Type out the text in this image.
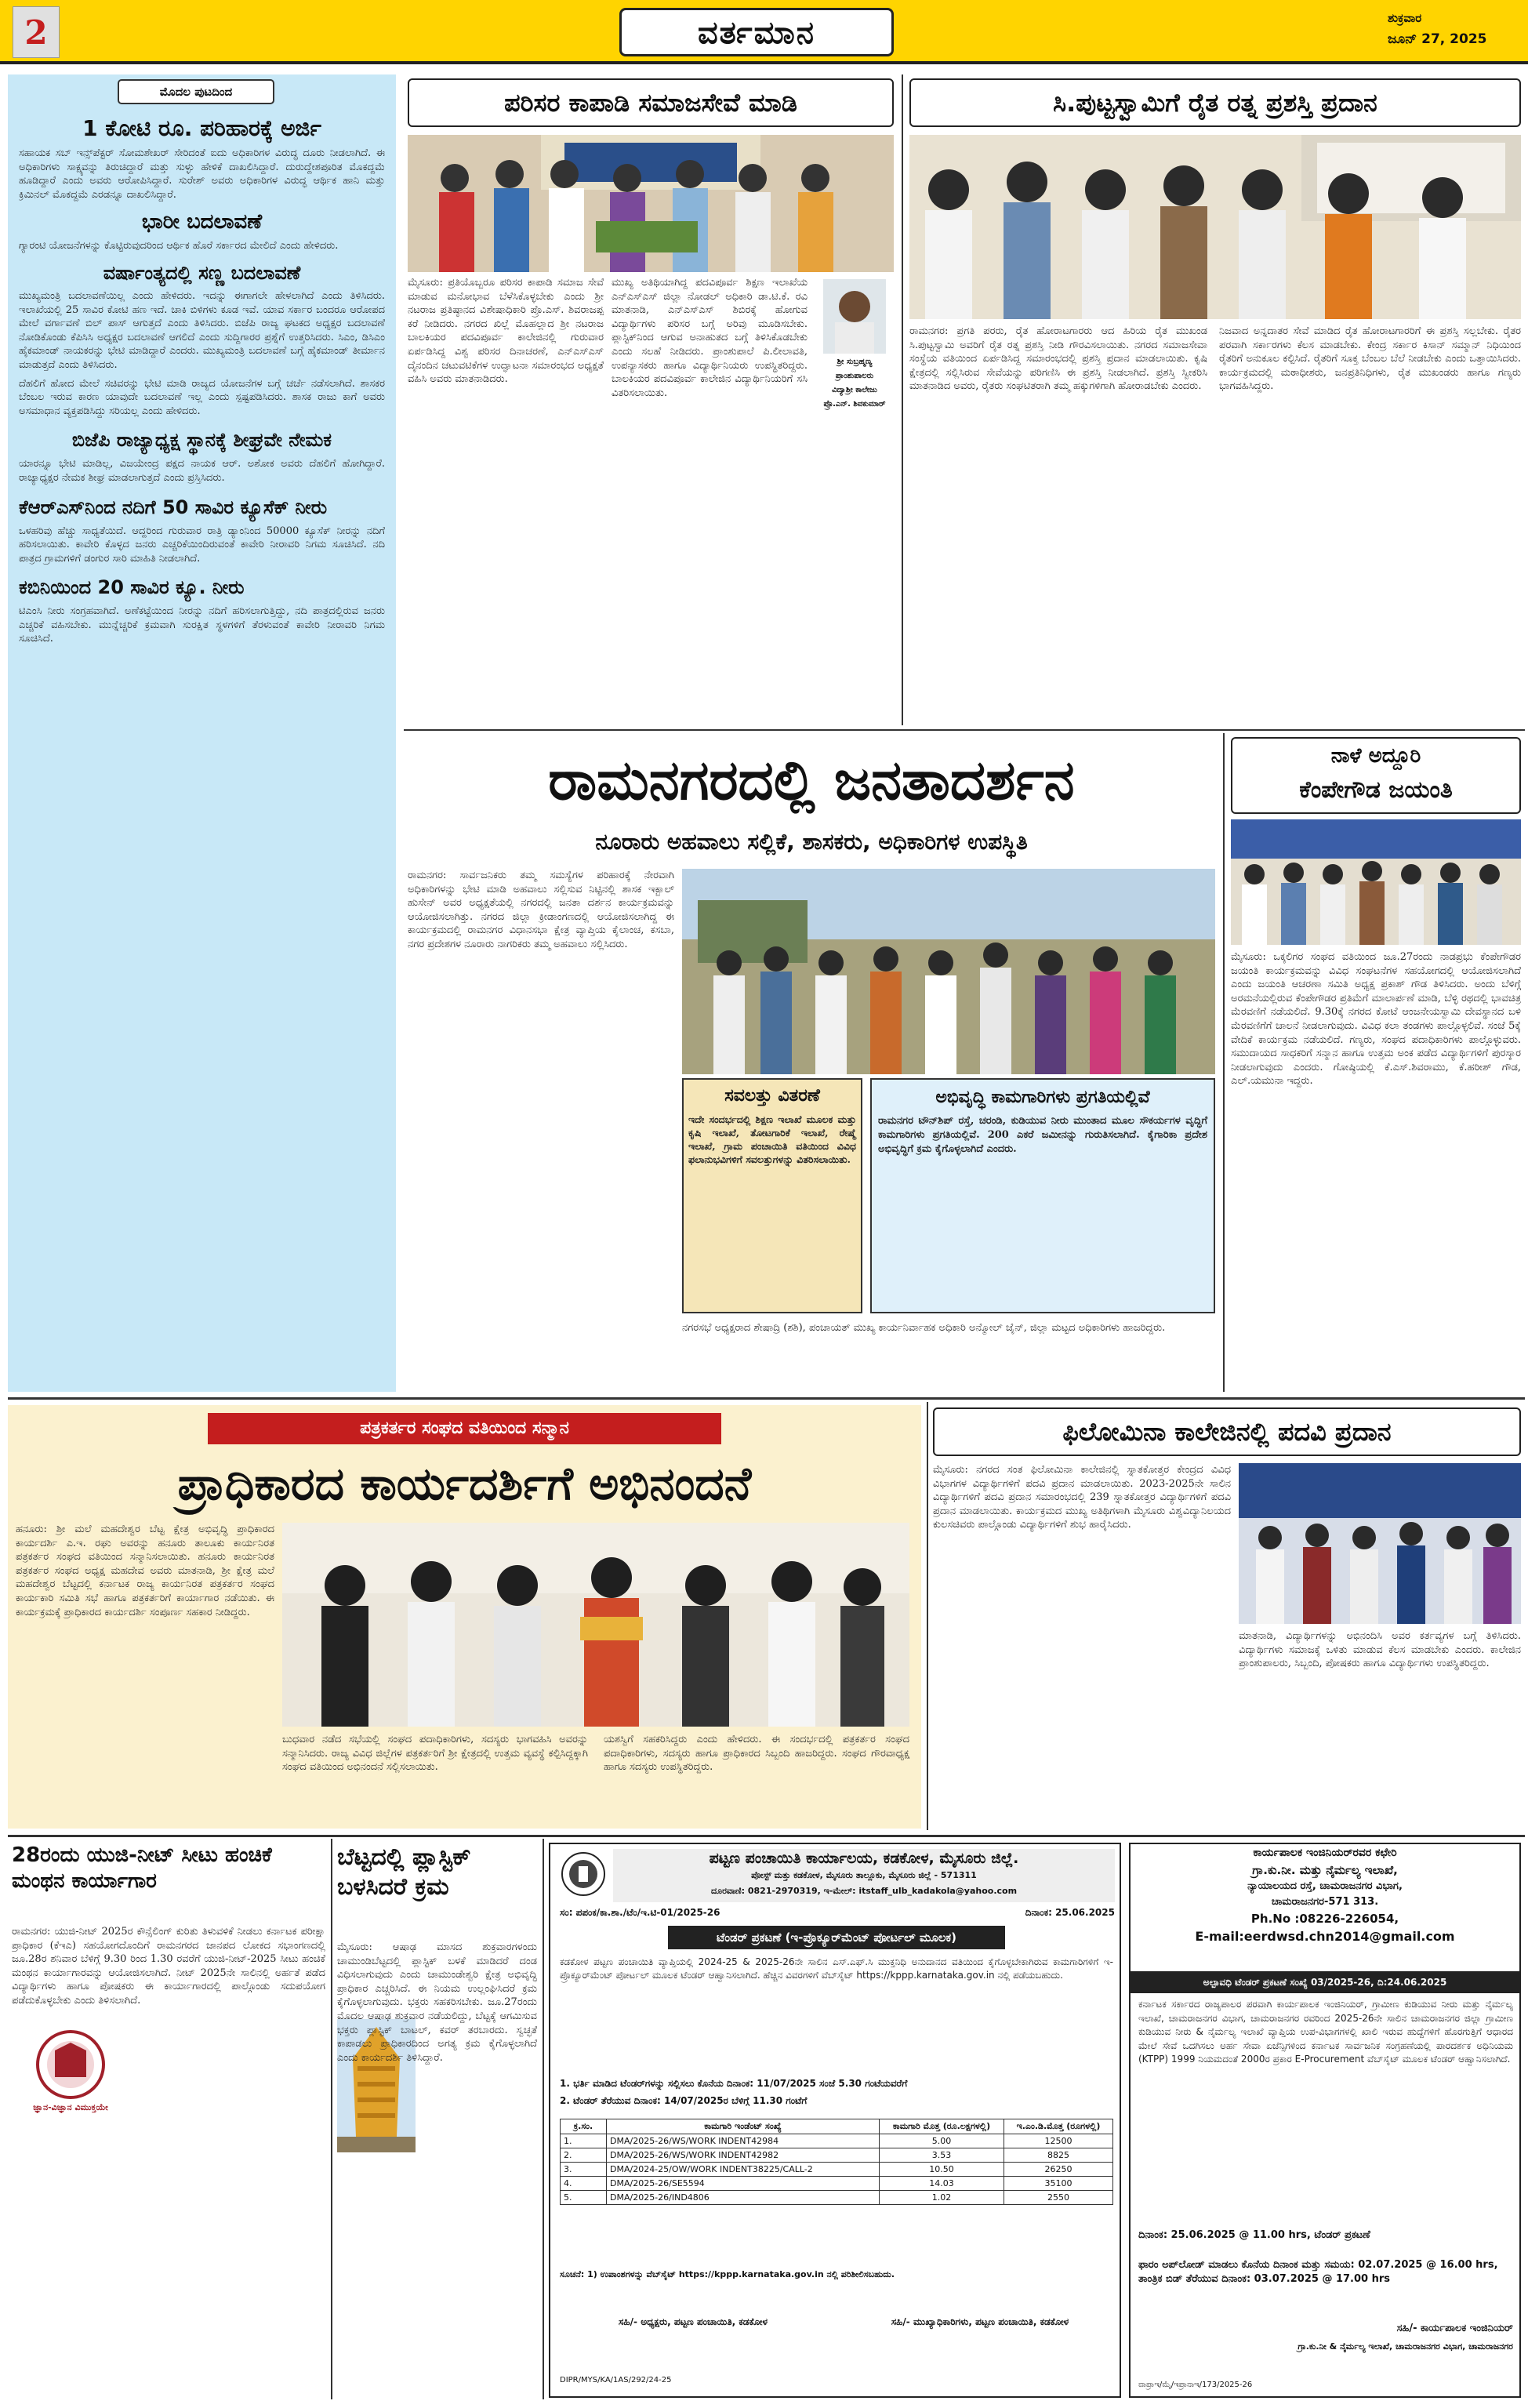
2	ವರ್ತಮಾನ	ಶುಕ್ರವಾರ
ಜೂನ್ 27, 2025
ಮೊದಲ ಪುಟದಿಂದ
1 ಕೋಟಿ ರೂ. ಪರಿಹಾರಕ್ಕೆ ಅರ್ಜಿ
ಸಹಾಯಕ ಸಬ್ ಇನ್ಸ್‌ಪೆಕ್ಟರ್ ಸೋಮಶೇಖರ್ ಸೇರಿದಂತೆ ಐದು ಅಧಿಕಾರಿಗಳ ವಿರುದ್ಧ ದೂರು ನೀಡಲಾಗಿದೆ. ಈ ಅಧಿಕಾರಿಗಳು ಸಾಕ್ಷ್ಯವನ್ನು ತಿರುಚಿದ್ದಾರೆ ಮತ್ತು ಸುಳ್ಳು ಹೇಳಿಕೆ ದಾಖಲಿಸಿದ್ದಾರೆ. ದುರುದ್ದೇಶಪೂರಿತ ಮೊಕದ್ದಮೆ ಹೂಡಿದ್ದಾರೆ ಎಂದು ಅವರು ಆರೋಪಿಸಿದ್ದಾರೆ. ಸುರೇಶ್ ಅವರು ಅಧಿಕಾರಿಗಳ ವಿರುದ್ಧ ಆರ್ಥಿಕ ಹಾನಿ ಮತ್ತು ಕ್ರಿಮಿನಲ್ ಮೊಕದ್ದಮೆ ಎರಡನ್ನೂ ದಾಖಲಿಸಿದ್ದಾರೆ.
ಭಾರೀ ಬದಲಾವಣೆ
ಗ್ಯಾರಂಟಿ ಯೋಜನೆಗಳನ್ನು ಕೊಟ್ಟಿರುವುದರಿಂದ ಆರ್ಥಿಕ ಹೊರೆ ಸರ್ಕಾರದ ಮೇಲಿದೆ ಎಂದು ಹೇಳಿದರು.
ವರ್ಷಾಂತ್ಯದಲ್ಲಿ ಸಣ್ಣ ಬದಲಾವಣೆ
ಮುಖ್ಯಮಂತ್ರಿ ಬದಲಾವಣೆಯಿಲ್ಲ ಎಂದು ಹೇಳಿದರು. ಇದನ್ನು ಈಗಾಗಲೇ ಹೇಳಲಾಗಿದೆ ಎಂದು ತಿಳಿಸಿದರು. ಇಲಾಖೆಯಲ್ಲಿ 25 ಸಾವಿರ ಕೋಟಿ ಹಣ ಇದೆ. ಚಾಕಿ ಬಿಳಿಗಳು ಕೂಡ ಇವೆ. ಯಾವ ಸರ್ಕಾರ ಬಂದರೂ ಆರೋಪದ ಮೇಲೆ ವರ್ಗಾವಣೆ ಬಿಲ್ ಪಾಸ್ ಆಗುತ್ತದೆ ಎಂದು ತಿಳಿಸಿದರು. ಬಿಜೆಪಿ ರಾಜ್ಯ ಘಟಕದ ಅಧ್ಯಕ್ಷರ ಬದಲಾವಣೆ ನೋಡಿಕೊಂಡು ಕೆಪಿಸಿಸಿ ಅಧ್ಯಕ್ಷರ ಬದಲಾವಣೆ ಆಗಲಿದೆ ಎಂದು ಸುದ್ದಿಗಾರರ ಪ್ರಶ್ನೆಗೆ ಉತ್ತರಿಸಿದರು. ಸಿಎಂ, ಡಿಸಿಎಂ ಹೈಕಮಾಂಡ್ ನಾಯಕರನ್ನು ಭೇಟಿ ಮಾಡಿದ್ದಾರೆ ಎಂದರು. ಮುಖ್ಯಮಂತ್ರಿ ಬದಲಾವಣೆ ಬಗ್ಗೆ ಹೈಕಮಾಂಡ್ ತೀರ್ಮಾನ ಮಾಡುತ್ತದೆ ಎಂದು ತಿಳಿಸಿದರು.
ದೆಹಲಿಗೆ ಹೋದ ಮೇಲೆ ಸಚಿವರನ್ನು ಭೇಟಿ ಮಾಡಿ ರಾಜ್ಯದ ಯೋಜನೆಗಳ ಬಗ್ಗೆ ಚರ್ಚೆ ನಡೆಸಲಾಗಿದೆ. ಶಾಸಕರ ಬೆಂಬಲ ಇರುವ ಕಾರಣ ಯಾವುದೇ ಬದಲಾವಣೆ ಇಲ್ಲ ಎಂದು ಸ್ಪಷ್ಟಪಡಿಸಿದರು. ಶಾಸಕ ರಾಜು ಕಾಗೆ ಅವರು ಅಸಮಾಧಾನ ವ್ಯಕ್ತಪಡಿಸಿದ್ದು ಸರಿಯಲ್ಲ ಎಂದು ಹೇಳಿದರು.
ಬಿಜೆಪಿ ರಾಜ್ಯಾಧ್ಯಕ್ಷ ಸ್ಥಾನಕ್ಕೆ ಶೀಘ್ರವೇ ನೇಮಕ
ಯಾರನ್ನೂ ಭೇಟಿ ಮಾಡಿಲ್ಲ, ವಿಜಯೇಂದ್ರ ಪಕ್ಷದ ನಾಯಕ ಆರ್. ಅಶೋಕ ಅವರು ದೆಹಲಿಗೆ ಹೋಗಿದ್ದಾರೆ. ರಾಜ್ಯಾಧ್ಯಕ್ಷರ ನೇಮಕ ಶೀಘ್ರ ಮಾಡಲಾಗುತ್ತದೆ ಎಂದು ಪ್ರಸ್ತಿಸಿದರು.
ಕೆಆರ್‌ಎಸ್‌ನಿಂದ ನದಿಗೆ 50 ಸಾವಿರ ಕ್ಯೂಸೆಕ್ ನೀರು
ಒಳಹರಿವು ಹೆಚ್ಚು ಸಾಧ್ಯತೆಯಿದೆ. ಆದ್ದರಿಂದ ಗುರುವಾರ ರಾತ್ರಿ ಡ್ಯಾಂನಿಂದ 50000 ಕ್ಯೂಸೆಕ್ ನೀರನ್ನು ನದಿಗೆ ಹರಿಸಲಾಯಿತು. ಕಾವೇರಿ ಕೊಳ್ಳದ ಜನರು ಎಚ್ಚರಿಕೆಯಿಂದಿರುವಂತೆ ಕಾವೇರಿ ನೀರಾವರಿ ನಿಗಮ ಸೂಚಿಸಿದೆ. ನದಿ ಪಾತ್ರದ ಗ್ರಾಮಗಳಿಗೆ ಡಂಗುರ ಸಾರಿ ಮಾಹಿತಿ ನೀಡಲಾಗಿದೆ.
ಕಬಿನಿಯಿಂದ 20 ಸಾವಿರ ಕ್ಯೂ. ನೀರು
ಟಿಎಂಸಿ ನೀರು ಸಂಗ್ರಹವಾಗಿದೆ. ಅಣೆಕಟ್ಟೆಯಿಂದ ನೀರನ್ನು ನದಿಗೆ ಹರಿಸಲಾಗುತ್ತಿದ್ದು, ನದಿ ಪಾತ್ರದಲ್ಲಿರುವ ಜನರು ಎಚ್ಚರಿಕೆ ವಹಿಸಬೇಕು. ಮುನ್ನೆಚ್ಚರಿಕೆ ಕ್ರಮವಾಗಿ ಸುರಕ್ಷಿತ ಸ್ಥಳಗಳಿಗೆ ತೆರಳುವಂತೆ ಕಾವೇರಿ ನೀರಾವರಿ ನಿಗಮ ಸೂಚಿಸಿದೆ.
ಪರಿಸರ ಕಾಪಾಡಿ ಸಮಾಜಸೇವೆ ಮಾಡಿ
ಶ್ರೀ ಸುಬ್ರಹ್ಮಣ್ಯ
ಪ್ರಾಂಶುಪಾಲರು
ವಿದ್ಯಾಶ್ರೀ ಕಾಲೇಜು
ಪ್ರೊ.ಎನ್. ಶಿವಕುಮಾರ್
ಮೈಸೂರು: ಪ್ರತಿಯೊಬ್ಬರೂ ಪರಿಸರ ಕಾಪಾಡಿ ಸಮಾಜ ಸೇವೆ ಮಾಡುವ ಮನೋಭಾವ ಬೆಳೆಸಿಕೊಳ್ಳಬೇಕು ಎಂದು ಶ್ರೀ ನಟರಾಜ ಪ್ರತಿಷ್ಠಾನದ ವಿಶೇಷಾಧಿಕಾರಿ ಪ್ರೊ.ಎಸ್. ಶಿವರಾಜಪ್ಪ ಕರೆ ನೀಡಿದರು. ನಗರದ ಖಿಲ್ಲೆ ಮೊಹಲ್ಲಾದ ಶ್ರೀ ನಟರಾಜ ಬಾಲಕಿಯರ ಪದವಿಪೂರ್ವ ಕಾಲೇಜಿನಲ್ಲಿ ಗುರುವಾರ ಏರ್ಪಡಿಸಿದ್ದ ವಿಶ್ವ ಪರಿಸರ ದಿನಾಚರಣೆ, ಎನ್‌ಎಸ್‌ಎಸ್ ದೈನಂದಿನ ಚಟುವಟಿಕೆಗಳ ಉದ್ಘಾಟನಾ ಸಮಾರಂಭದ ಅಧ್ಯಕ್ಷತೆ ವಹಿಸಿ ಅವರು ಮಾತನಾಡಿದರು.
ಮುಖ್ಯ ಅತಿಥಿಯಾಗಿದ್ದ ಪದವಿಪೂರ್ವ ಶಿಕ್ಷಣ ಇಲಾಖೆಯ ಎನ್‌ಎಸ್‌ಎಸ್ ಜಿಲ್ಲಾ ನೋಡಲ್ ಅಧಿಕಾರಿ ಡಾ.ಟಿ.ಕೆ. ರವಿ ಮಾತನಾಡಿ, ಎನ್‌ಎಸ್‌ಎಸ್ ಶಿಬಿರಕ್ಕೆ ಹೋಗುವ ವಿದ್ಯಾರ್ಥಿಗಳು ಪರಿಸರ ಬಗ್ಗೆ ಅರಿವು ಮೂಡಿಸಬೇಕು. ಪ್ಲಾಸ್ಟಿಕ್‌ನಿಂದ ಆಗುವ ಅನಾಹುತದ ಬಗ್ಗೆ ತಿಳಿಸಿಕೊಡಬೇಕು ಎಂದು ಸಲಹೆ ನೀಡಿದರು. ಪ್ರಾಂಶುಪಾಲೆ ಪಿ.ಲೀಲಾವತಿ, ಉಪನ್ಯಾಸಕರು ಹಾಗೂ ವಿದ್ಯಾರ್ಥಿನಿಯರು ಉಪಸ್ಥಿತರಿದ್ದರು. ಬಾಲಕಿಯರ ಪದವಿಪೂರ್ವ ಕಾಲೇಜಿನ ವಿದ್ಯಾರ್ಥಿನಿಯರಿಗೆ ಸಸಿ ವಿತರಿಸಲಾಯಿತು.
ಸಿ.ಪುಟ್ಟಸ್ವಾಮಿಗೆ ರೈತ ರತ್ನ ಪ್ರಶಸ್ತಿ ಪ್ರದಾನ
ರಾಮನಗರ: ಪ್ರಗತಿ ಪರರು, ರೈತ ಹೋರಾಟಗಾರರು ಆದ ಹಿರಿಯ ರೈತ ಮುಖಂಡ ಸಿ.ಪುಟ್ಟಸ್ವಾಮಿ ಅವರಿಗೆ ರೈತ ರತ್ನ ಪ್ರಶಸ್ತಿ ನೀಡಿ ಗೌರವಿಸಲಾಯಿತು. ನಗರದ ಸಮಾಜಸೇವಾ ಸಂಸ್ಥೆಯ ವತಿಯಿಂದ ಏರ್ಪಡಿಸಿದ್ದ ಸಮಾರಂಭದಲ್ಲಿ ಪ್ರಶಸ್ತಿ ಪ್ರದಾನ ಮಾಡಲಾಯಿತು. ಕೃಷಿ ಕ್ಷೇತ್ರದಲ್ಲಿ ಸಲ್ಲಿಸಿರುವ ಸೇವೆಯನ್ನು ಪರಿಗಣಿಸಿ ಈ ಪ್ರಶಸ್ತಿ ನೀಡಲಾಗಿದೆ. ಪ್ರಶಸ್ತಿ ಸ್ವೀಕರಿಸಿ ಮಾತನಾಡಿದ ಅವರು, ರೈತರು ಸಂಘಟಿತರಾಗಿ ತಮ್ಮ ಹಕ್ಕುಗಳಿಗಾಗಿ ಹೋರಾಡಬೇಕು ಎಂದರು.
ನಿಜವಾದ ಅನ್ನದಾತರ ಸೇವೆ ಮಾಡಿದ ರೈತ ಹೋರಾಟಗಾರರಿಗೆ ಈ ಪ್ರಶಸ್ತಿ ಸಲ್ಲಬೇಕು. ರೈತರ ಪರವಾಗಿ ಸರ್ಕಾರಗಳು ಕೆಲಸ ಮಾಡಬೇಕು. ಕೇಂದ್ರ ಸರ್ಕಾರ ಕಿಸಾನ್ ಸಮ್ಮಾನ್ ನಿಧಿಯಿಂದ ರೈತರಿಗೆ ಅನುಕೂಲ ಕಲ್ಪಿಸಿದೆ. ರೈತರಿಗೆ ಸೂಕ್ತ ಬೆಂಬಲ ಬೆಲೆ ನೀಡಬೇಕು ಎಂದು ಒತ್ತಾಯಿಸಿದರು. ಕಾರ್ಯಕ್ರಮದಲ್ಲಿ ಮಠಾಧೀಶರು, ಜನಪ್ರತಿನಿಧಿಗಳು, ರೈತ ಮುಖಂಡರು ಹಾಗೂ ಗಣ್ಯರು ಭಾಗವಹಿಸಿದ್ದರು.
ರಾಮನಗರದಲ್ಲಿ ಜನತಾದರ್ಶನ
ನೂರಾರು ಅಹವಾಲು ಸಲ್ಲಿಕೆ, ಶಾಸಕರು, ಅಧಿಕಾರಿಗಳ ಉಪಸ್ಥಿತಿ
ರಾಮನಗರ: ಸಾರ್ವಜನಿಕರು ತಮ್ಮ ಸಮಸ್ಯೆಗಳ ಪರಿಹಾರಕ್ಕೆ ನೇರವಾಗಿ ಅಧಿಕಾರಿಗಳನ್ನು ಭೇಟಿ ಮಾಡಿ ಅಹವಾಲು ಸಲ್ಲಿಸುವ ನಿಟ್ಟಿನಲ್ಲಿ ಶಾಸಕ ಇಕ್ಬಾಲ್ ಹುಸೇನ್ ಅವರ ಅಧ್ಯಕ್ಷತೆಯಲ್ಲಿ ನಗರದಲ್ಲಿ ಜನತಾ ದರ್ಶನ ಕಾರ್ಯಕ್ರಮವನ್ನು ಆಯೋಜಿಸಲಾಗಿತ್ತು. ನಗರದ ಜಿಲ್ಲಾ ಕ್ರೀಡಾಂಗಣದಲ್ಲಿ ಆಯೋಜಿಸಲಾಗಿದ್ದ ಈ ಕಾರ್ಯಕ್ರಮದಲ್ಲಿ ರಾಮನಗರ ವಿಧಾನಸಭಾ ಕ್ಷೇತ್ರ ವ್ಯಾಪ್ತಿಯ ಕೈಲಾಂಚ, ಕಸಬಾ, ನಗರ ಪ್ರದೇಶಗಳ ನೂರಾರು ನಾಗರಿಕರು ತಮ್ಮ ಅಹವಾಲು ಸಲ್ಲಿಸಿದರು.
ಸವಲತ್ತು ವಿತರಣೆ
ಇದೇ ಸಂದರ್ಭದಲ್ಲಿ ಶಿಕ್ಷಣ ಇಲಾಖೆ ಮೂಲಕ ಮತ್ತು ಕೃಷಿ ಇಲಾಖೆ, ತೋಟಗಾರಿಕೆ ಇಲಾಖೆ, ರೇಷ್ಮೆ ಇಲಾಖೆ, ಗ್ರಾಮ ಪಂಚಾಯಿತಿ ವತಿಯಿಂದ ವಿವಿಧ ಫಲಾನುಭವಿಗಳಿಗೆ ಸವಲತ್ತುಗಳನ್ನು ವಿತರಿಸಲಾಯಿತು.
ಅಭಿವೃದ್ಧಿ ಕಾಮಗಾರಿಗಳು ಪ್ರಗತಿಯಲ್ಲಿವೆ
ರಾಮನಗರ ಟೌನ್‌ಶಿಪ್ ರಸ್ತೆ, ಚರಂಡಿ, ಕುಡಿಯುವ ನೀರು ಮುಂತಾದ ಮೂಲ ಸೌಕರ್ಯಗಳ ವೃದ್ಧಿಗೆ ಕಾಮಗಾರಿಗಳು ಪ್ರಗತಿಯಲ್ಲಿವೆ. 200 ಎಕರೆ ಜಮೀನನ್ನು ಗುರುತಿಸಲಾಗಿದೆ. ಕೈಗಾರಿಕಾ ಪ್ರದೇಶ ಅಭಿವೃದ್ಧಿಗೆ ಕ್ರಮ ಕೈಗೊಳ್ಳಲಾಗಿದೆ ಎಂದರು.
ನಗರಸಭೆ ಅಧ್ಯಕ್ಷರಾದ ಶೇಷಾದ್ರಿ (ಶಶಿ), ಪಂಚಾಯತ್ ಮುಖ್ಯ ಕಾರ್ಯನಿರ್ವಾಹಕ ಅಧಿಕಾರಿ ಅನ್ಮೋಲ್ ಜೈನ್, ಜಿಲ್ಲಾ ಮಟ್ಟದ ಅಧಿಕಾರಿಗಳು ಹಾಜರಿದ್ದರು.
ನಾಳೆ ಅದ್ದೂರಿ
ಕೆಂಪೇಗೌಡ ಜಯಂತಿ
ಮೈಸೂರು: ಒಕ್ಕಲಿಗರ ಸಂಘದ ವತಿಯಿಂದ ಜೂ.27ರಂದು ನಾಡಪ್ರಭು ಕೆಂಪೇಗೌಡರ ಜಯಂತಿ ಕಾರ್ಯಕ್ರಮವನ್ನು ವಿವಿಧ ಸಂಘಟನೆಗಳ ಸಹಯೋಗದಲ್ಲಿ ಆಯೋಜಿಸಲಾಗಿದೆ ಎಂದು ಜಯಂತಿ ಆಚರಣಾ ಸಮಿತಿ ಅಧ್ಯಕ್ಷ ಪ್ರಕಾಶ್ ಗೌಡ ತಿಳಿಸಿದರು. ಅಂದು ಬೆಳಿಗ್ಗೆ ಅರಮನೆಯಲ್ಲಿರುವ ಕೆಂಪೇಗೌಡರ ಪ್ರತಿಮೆಗೆ ಮಾಲಾರ್ಪಣೆ ಮಾಡಿ, ಬೆಳ್ಳಿ ರಥದಲ್ಲಿ ಭಾವಚಿತ್ರ ಮೆರವಣಿಗೆ ನಡೆಯಲಿದೆ. 9.30ಕ್ಕೆ ನಗರದ ಕೋಟೆ ಆಂಜನೇಯಸ್ವಾಮಿ ದೇವಸ್ಥಾನದ ಬಳಿ ಮೆರವಣಿಗೆಗೆ ಚಾಲನೆ ನೀಡಲಾಗುವುದು. ವಿವಿಧ ಕಲಾ ತಂಡಗಳು ಪಾಲ್ಗೊಳ್ಳಲಿವೆ. ಸಂಜೆ 5ಕ್ಕೆ ವೇದಿಕೆ ಕಾರ್ಯಕ್ರಮ ನಡೆಯಲಿದೆ. ಗಣ್ಯರು, ಸಂಘದ ಪದಾಧಿಕಾರಿಗಳು ಪಾಲ್ಗೊಳ್ಳುವರು. ಸಮುದಾಯದ ಸಾಧಕರಿಗೆ ಸನ್ಮಾನ ಹಾಗೂ ಉತ್ತಮ ಅಂಕ ಪಡೆದ ವಿದ್ಯಾರ್ಥಿಗಳಿಗೆ ಪುರಸ್ಕಾರ ನೀಡಲಾಗುವುದು ಎಂದರು. ಗೋಷ್ಠಿಯಲ್ಲಿ ಕೆ.ಎಸ್.ಶಿವರಾಮು, ಕೆ.ಹರೀಶ್ ಗೌಡ, ಎಲ್.ಯಮುನಾ ಇದ್ದರು.
ಪತ್ರಕರ್ತರ ಸಂಘದ ವತಿಯಿಂದ ಸನ್ಮಾನ
ಪ್ರಾಧಿಕಾರದ ಕಾರ್ಯದರ್ಶಿಗೆ ಅಭಿನಂದನೆ
ಹನೂರು: ಶ್ರೀ ಮಲೆ ಮಹದೇಶ್ವರ ಬೆಟ್ಟ ಕ್ಷೇತ್ರ ಅಭಿವೃದ್ಧಿ ಪ್ರಾಧಿಕಾರದ ಕಾರ್ಯದರ್ಶಿ ಎ.ಇ. ರಘು ಅವರನ್ನು ಹನೂರು ತಾಲೂಕು ಕಾರ್ಯನಿರತ ಪತ್ರಕರ್ತರ ಸಂಘದ ವತಿಯಿಂದ ಸನ್ಮಾನಿಸಲಾಯಿತು. ಹನೂರು ಕಾರ್ಯನಿರತ ಪತ್ರಕರ್ತರ ಸಂಘದ ಅಧ್ಯಕ್ಷ ಮಹದೇವ ಅವರು ಮಾತನಾಡಿ, ಶ್ರೀ ಕ್ಷೇತ್ರ ಮಲೆ ಮಹದೇಶ್ವರ ಬೆಟ್ಟದಲ್ಲಿ ಕರ್ನಾಟಕ ರಾಜ್ಯ ಕಾರ್ಯನಿರತ ಪತ್ರಕರ್ತರ ಸಂಘದ ಕಾರ್ಯಕಾರಿ ಸಮಿತಿ ಸಭೆ ಹಾಗೂ ಪತ್ರಕರ್ತರಿಗೆ ಕಾರ್ಯಾಗಾರ ನಡೆಯಿತು. ಈ ಕಾರ್ಯಕ್ರಮಕ್ಕೆ ಪ್ರಾಧಿಕಾರದ ಕಾರ್ಯದರ್ಶಿ ಸಂಪೂರ್ಣ ಸಹಕಾರ ನೀಡಿದ್ದರು.
ಬುಧವಾರ ನಡೆದ ಸಭೆಯಲ್ಲಿ ಸಂಘದ ಪದಾಧಿಕಾರಿಗಳು, ಸದಸ್ಯರು ಭಾಗವಹಿಸಿ ಅವರನ್ನು ಸನ್ಮಾನಿಸಿದರು. ರಾಜ್ಯ ವಿವಿಧ ಜಿಲ್ಲೆಗಳ ಪತ್ರಕರ್ತರಿಗೆ ಶ್ರೀ ಕ್ಷೇತ್ರದಲ್ಲಿ ಉತ್ತಮ ವ್ಯವಸ್ಥೆ ಕಲ್ಪಿಸಿದ್ದಕ್ಕಾಗಿ ಸಂಘದ ವತಿಯಿಂದ ಅಭಿನಂದನೆ ಸಲ್ಲಿಸಲಾಯಿತು.
ಯಶಸ್ವಿಗೆ ಸಹಕರಿಸಿದ್ದರು ಎಂದು ಹೇಳಿದರು. ಈ ಸಂದರ್ಭದಲ್ಲಿ ಪತ್ರಕರ್ತರ ಸಂಘದ ಪದಾಧಿಕಾರಿಗಳು, ಸದಸ್ಯರು ಹಾಗೂ ಪ್ರಾಧಿಕಾರದ ಸಿಬ್ಬಂದಿ ಹಾಜರಿದ್ದರು. ಸಂಘದ ಗೌರವಾಧ್ಯಕ್ಷ ಹಾಗೂ ಸದಸ್ಯರು ಉಪಸ್ಥಿತರಿದ್ದರು.
ಫಿಲೋಮಿನಾ ಕಾಲೇಜಿನಲ್ಲಿ ಪದವಿ ಪ್ರದಾನ
ಮೈಸೂರು: ನಗರದ ಸಂತ ಫಿಲೋಮಿನಾ ಕಾಲೇಜಿನಲ್ಲಿ ಸ್ನಾತಕೋತ್ತರ ಕೇಂದ್ರದ ವಿವಿಧ ವಿಭಾಗಗಳ ವಿದ್ಯಾರ್ಥಿಗಳಿಗೆ ಪದವಿ ಪ್ರದಾನ ಮಾಡಲಾಯಿತು. 2023-2025ನೇ ಸಾಲಿನ ವಿದ್ಯಾರ್ಥಿಗಳಿಗೆ ಪದವಿ ಪ್ರದಾನ ಸಮಾರಂಭದಲ್ಲಿ 239 ಸ್ನಾತಕೋತ್ತರ ವಿದ್ಯಾರ್ಥಿಗಳಿಗೆ ಪದವಿ ಪ್ರದಾನ ಮಾಡಲಾಯಿತು. ಕಾರ್ಯಕ್ರಮದ ಮುಖ್ಯ ಅತಿಥಿಗಳಾಗಿ ಮೈಸೂರು ವಿಶ್ವವಿದ್ಯಾನಿಲಯದ ಕುಲಸಚಿವರು ಪಾಲ್ಗೊಂಡು ವಿದ್ಯಾರ್ಥಿಗಳಿಗೆ ಶುಭ ಹಾರೈಸಿದರು.
ಮಾತನಾಡಿ, ವಿದ್ಯಾರ್ಥಿಗಳನ್ನು ಅಭಿನಂದಿಸಿ ಅವರ ಕರ್ತವ್ಯಗಳ ಬಗ್ಗೆ ತಿಳಿಸಿದರು. ವಿದ್ಯಾರ್ಥಿಗಳು ಸಮಾಜಕ್ಕೆ ಒಳಿತು ಮಾಡುವ ಕೆಲಸ ಮಾಡಬೇಕು ಎಂದರು. ಕಾಲೇಜಿನ ಪ್ರಾಂಶುಪಾಲರು, ಸಿಬ್ಬಂದಿ, ಪೋಷಕರು ಹಾಗೂ ವಿದ್ಯಾರ್ಥಿಗಳು ಉಪಸ್ಥಿತರಿದ್ದರು.
28ರಂದು ಯುಜಿ-ನೀಟ್ ಸೀಟು ಹಂಚಿಕೆ ಮಂಥನ ಕಾರ್ಯಾಗಾರ
ಜ್ಞಾನ-ವಿಜ್ಞಾನ ವಿಮುಕ್ತಯೇ
ರಾಮನಗರ: ಯುಜಿ-ನೀಟ್ 2025ರ ಕೌನ್ಸೆಲಿಂಗ್ ಕುರಿತು ತಿಳುವಳಿಕೆ ನೀಡಲು ಕರ್ನಾಟಕ ಪರೀಕ್ಷಾ ಪ್ರಾಧಿಕಾರ (ಕೆಇಎ) ಸಹಯೋಗದೊಂದಿಗೆ ರಾಮನಗರದ ಜಾನಪದ ಲೋಕದ ಸಭಾಂಗಣದಲ್ಲಿ ಜೂ.28ರ ಶನಿವಾರ ಬೆಳಿಗ್ಗೆ 9.30 ರಿಂದ 1.30 ರವರೆಗೆ ಯುಜಿ-ನೀಟ್-2025 ಸೀಟು ಹಂಚಿಕೆ ಮಂಥನ ಕಾರ್ಯಾಗಾರವನ್ನು ಆಯೋಜಿಸಲಾಗಿದೆ. ನೀಟ್ 2025ನೇ ಸಾಲಿನಲ್ಲಿ ಅರ್ಹತೆ ಪಡೆದ ವಿದ್ಯಾರ್ಥಿಗಳು ಹಾಗೂ ಪೋಷಕರು ಈ ಕಾರ್ಯಾಗಾರದಲ್ಲಿ ಪಾಲ್ಗೊಂಡು ಸದುಪಯೋಗ ಪಡೆದುಕೊಳ್ಳಬೇಕು ಎಂದು ತಿಳಿಸಲಾಗಿದೆ.
ಬೆಟ್ಟದಲ್ಲಿ ಪ್ಲಾಸ್ಟಿಕ್ ಬಳಸಿದರೆ ಕ್ರಮ
ಮೈಸೂರು: ಆಷಾಢ ಮಾಸದ ಶುಕ್ರವಾರಗಳಂದು ಚಾಮುಂಡಿಬೆಟ್ಟದಲ್ಲಿ ಪ್ಲಾಸ್ಟಿಕ್ ಬಳಕೆ ಮಾಡಿದರೆ ದಂಡ ವಿಧಿಸಲಾಗುವುದು ಎಂದು ಚಾಮುಂಡೇಶ್ವರಿ ಕ್ಷೇತ್ರ ಅಭಿವೃದ್ಧಿ ಪ್ರಾಧಿಕಾರ ಎಚ್ಚರಿಸಿದೆ. ಈ ನಿಯಮ ಉಲ್ಲಂಘಿಸಿದರೆ ಕ್ರಮ ಕೈಗೊಳ್ಳಲಾಗುವುದು. ಭಕ್ತರು ಸಹಕರಿಸಬೇಕು. ಜೂ.27ರಂದು ಮೊದಲ ಆಷಾಢ ಶುಕ್ರವಾರ ನಡೆಯಲಿದ್ದು, ಬೆಟ್ಟಕ್ಕೆ ಆಗಮಿಸುವ ಭಕ್ತರು ಪ್ಲಾಸ್ಟಿಕ್ ಬಾಟಲ್, ಕವರ್ ತರಬಾರದು. ಸ್ವಚ್ಛತೆ ಕಾಪಾಡಲು ಪ್ರಾಧಿಕಾರದಿಂದ ಅಗತ್ಯ ಕ್ರಮ ಕೈಗೊಳ್ಳಲಾಗಿದೆ ಎಂದು ಕಾರ್ಯದರ್ಶಿ ತಿಳಿಸಿದ್ದಾರೆ.
ಪಟ್ಟಣ ಪಂಚಾಯಿತಿ ಕಾರ್ಯಾಲಯ, ಕಡಕೋಳ, ಮೈಸೂರು ಜಿಲ್ಲೆ.
ಪೋಸ್ಟ್ ಮತ್ತು ಕಡಕೋಳ, ಮೈಸೂರು ತಾಲ್ಲೂಕು, ಮೈಸೂರು ಜಿಲ್ಲೆ - 571311
ದೂರವಾಣಿ: 0821-2970319, ಇ-ಮೇಲ್: itstaff_ulb_kadakola@yahoo.com
ಸಂ: ಪಪಂಕ/ಕಾ.ಶಾ./ಟೆಂ/ಇ.ಟಿ-01/2025-26	ದಿನಾಂಕ: 25.06.2025
ಟೆಂಡರ್ ಪ್ರಕಟಣೆ (ಇ-ಪ್ರೊಕ್ಯೂರ್‌ಮೆಂಟ್ ಪೋರ್ಟಲ್ ಮೂಲಕ)
ಕಡಕೋಳ ಪಟ್ಟಣ ಪಂಚಾಯಿತಿ ವ್ಯಾಪ್ತಿಯಲ್ಲಿ 2024-25 & 2025-26ನೇ ಸಾಲಿನ ಎಸ್.ಎಫ್.ಸಿ ಮುಕ್ತನಿಧಿ ಅನುದಾನದ ವತಿಯಿಂದ ಕೈಗೊಳ್ಳಬೇಕಾಗಿರುವ ಕಾಮಗಾರಿಗಳಿಗೆ ಇ-ಪ್ರೊಕ್ಯೂರ್‌ಮೆಂಟ್ ಪೋರ್ಟಲ್ ಮೂಲಕ ಟೆಂಡರ್ ಆಹ್ವಾನಿಸಲಾಗಿದೆ. ಹೆಚ್ಚಿನ ವಿವರಗಳಿಗೆ ವೆಬ್‌ಸೈಟ್ https://kppp.karnataka.gov.in ನಲ್ಲಿ ಪಡೆಯಬಹುದು.
1. ಭರ್ತಿ ಮಾಡಿದ ಟೆಂಡರ್‌ಗಳನ್ನು ಸಲ್ಲಿಸಲು ಕೊನೆಯ ದಿನಾಂಕ: 11/07/2025 ಸಂಜೆ 5.30 ಗಂಟೆಯವರೆಗೆ
2. ಟೆಂಡರ್ ತೆರೆಯುವ ದಿನಾಂಕ: 14/07/2025ರ ಬೆಳಿಗ್ಗೆ 11.30 ಗಂಟೆಗೆ
ಕ್ರ.ಸಂ.	ಕಾಮಗಾರಿ ಇಂಡೆಂಟ್ ಸಂಖ್ಯೆ	ಕಾಮಗಾರಿ ಮೊತ್ತ (ರೂ.ಲಕ್ಷಗಳಲ್ಲಿ)	ಇ.ಎಂ.ಡಿ.ಮೊತ್ತ (ರೂಗಳಲ್ಲಿ)
1.	DMA/2025-26/WS/WORK INDENT42984	5.00	12500
2.	DMA/2025-26/WS/WORK INDENT42982	3.53	8825
3.	DMA/2024-25/OW/WORK INDENT38225/CALL-2	10.50	26250
4.	DMA/2025-26/SE5594	14.03	35100
5.	DMA/2025-26/IND4806	1.02	2550
ಸೂಚನೆ: 1) ಉಪಾಂಶಗಳನ್ನು ವೆಬ್‌ಸೈಟ್ https://kppp.karnataka.gov.in ನಲ್ಲಿ ಪರಿಶೀಲಿಸಬಹುದು.
ಸಹಿ/- ಅಧ್ಯಕ್ಷರು, ಪಟ್ಟಣ ಪಂಚಾಯಿತಿ, ಕಡಕೋಳ	ಸಹಿ/- ಮುಖ್ಯಾಧಿಕಾರಿಗಳು, ಪಟ್ಟಣ ಪಂಚಾಯಿತಿ, ಕಡಕೋಳ
DIPR/MYS/KA/1AS/292/24-25
ಕಾರ್ಯಪಾಲಕ ಇಂಜಿನಿಯರ್‌ರವರ ಕಛೇರಿ
ಗ್ರಾ.ಕು.ನೀ. ಮತ್ತು ನೈರ್ಮಲ್ಯ ಇಲಾಖೆ,
ನ್ಯಾಯಾಲಯದ ರಸ್ತೆ, ಚಾಮರಾಜನಗರ ವಿಭಾಗ,
ಚಾಮರಾಜನಗರ-571 313.
Ph.No :08226-226054,
E-mail:eerdwsd.chn2014@gmail.com
ಅಲ್ಪಾವಧಿ ಟೆಂಡರ್ ಪ್ರಕಟಣೆ ಸಂಖ್ಯೆ 03/2025-26, ದಿ:24.06.2025
ಕರ್ನಾಟಕ ಸರ್ಕಾರದ ರಾಜ್ಯಪಾಲರ ಪರವಾಗಿ ಕಾರ್ಯಪಾಲಕ ಇಂಜಿನಿಯರ್, ಗ್ರಾಮೀಣ ಕುಡಿಯುವ ನೀರು ಮತ್ತು ನೈರ್ಮಲ್ಯ ಇಲಾಖೆ, ಚಾಮರಾಜನಗರ ವಿಭಾಗ, ಚಾಮರಾಜನಗರ ರವರಿಂದ 2025-26ನೇ ಸಾಲಿನ ಚಾಮರಾಜನಗರ ಜಿಲ್ಲಾ ಗ್ರಾಮೀಣ ಕುಡಿಯುವ ನೀರು & ನೈರ್ಮಲ್ಯ ಇಲಾಖೆ ವ್ಯಾಪ್ತಿಯ ಉಪ-ವಿಭಾಗಗಳಲ್ಲಿ ಖಾಲಿ ಇರುವ ಹುದ್ದೆಗಳಿಗೆ ಹೊರಗುತ್ತಿಗೆ ಆಧಾರದ ಮೇಲೆ ಸೇವೆ ಒದಗಿಸಲು ಅರ್ಹ ಸೇವಾ ಏಜೆನ್ಸಿಗಳಿಂದ ಕರ್ನಾಟಕ ಸಾರ್ವಜನಿಕ ಸಂಗ್ರಹಣೆಯಲ್ಲಿ ಪಾರದರ್ಶಕ ಅಧಿನಿಯಮ (KTPP) 1999 ನಿಯಮದಂತೆ 2000ರ ಪ್ರಕಾರ E-Procurement ವೆಬ್‌ಸೈಟ್ ಮೂಲಕ ಟೆಂಡರ್ ಆಹ್ವಾನಿಸಲಾಗಿದೆ.
ದಿನಾಂಕ: 25.06.2025 @ 11.00 hrs, ಟೆಂಡರ್ ಪ್ರಕಟಣೆ
ಫಾರಂ ಅಪ್‌ಲೋಡ್ ಮಾಡಲು ಕೊನೆಯ ದಿನಾಂಕ ಮತ್ತು ಸಮಯ: 02.07.2025 @ 16.00 hrs, ತಾಂತ್ರಿಕ ಬಿಡ್ ತೆರೆಯುವ ದಿನಾಂಕ: 03.07.2025 @ 17.00 hrs
ಸಹಿ/- ಕಾರ್ಯಪಾಲಕ ಇಂಜಿನಿಯರ್
ಗ್ರಾ.ಕು.ನೀ & ನೈರ್ಮಲ್ಯ ಇಲಾಖೆ, ಚಾಮರಾಜನಗರ ವಿಭಾಗ, ಚಾಮರಾಜನಗರ
ವಾಪ್ರಾಇ/ಮೈ/ಇಪ್ರಾನಾಇ/173/2025-26
